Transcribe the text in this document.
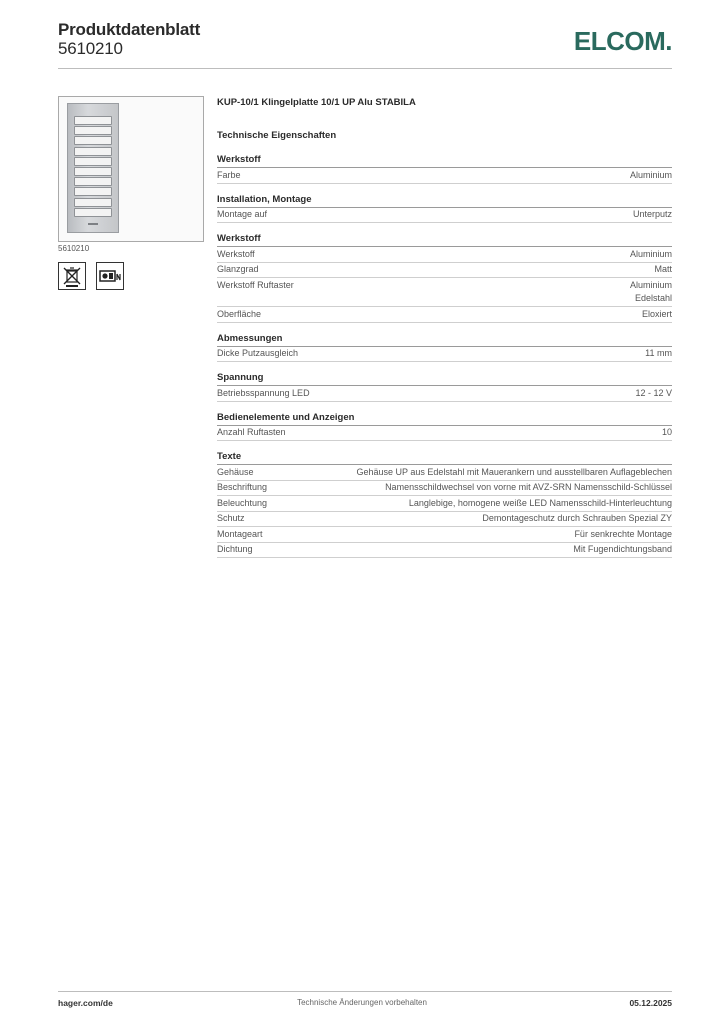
Produktdatenblatt
5610210	ELCOM.
5610210
KUP-10/1 Klingelplatte 10/1 UP Alu STABILA
Technische Eigenschaften
Werkstoff
Farbe	Aluminium
Installation, Montage
Montage auf	Unterputz
Werkstoff
Werkstoff	Aluminium
Glanzgrad	Matt
Werkstoff Ruftaster	Aluminium
Edelstahl
Oberfläche	Eloxiert
Abmessungen
Dicke Putzausgleich	11 mm
Spannung
Betriebsspannung LED	12 - 12 V
Bedienelemente und Anzeigen
Anzahl Ruftasten	10
Texte
Gehäuse	Gehäuse UP aus Edelstahl mit Mauerankern und ausstellbaren Auflageblechen
Beschriftung	Namensschildwechsel von vorne mit AVZ-SRN Namensschild-Schlüssel
Beleuchtung	Langlebige, homogene weiße LED Namensschild-Hinterleuchtung
Schutz	Demontageschutz durch Schrauben Spezial ZY
Montageart	Für senkrechte Montage
Dichtung	Mit Fugendichtungsband
hager.com/de	Technische Änderungen vorbehalten	05.12.2025
